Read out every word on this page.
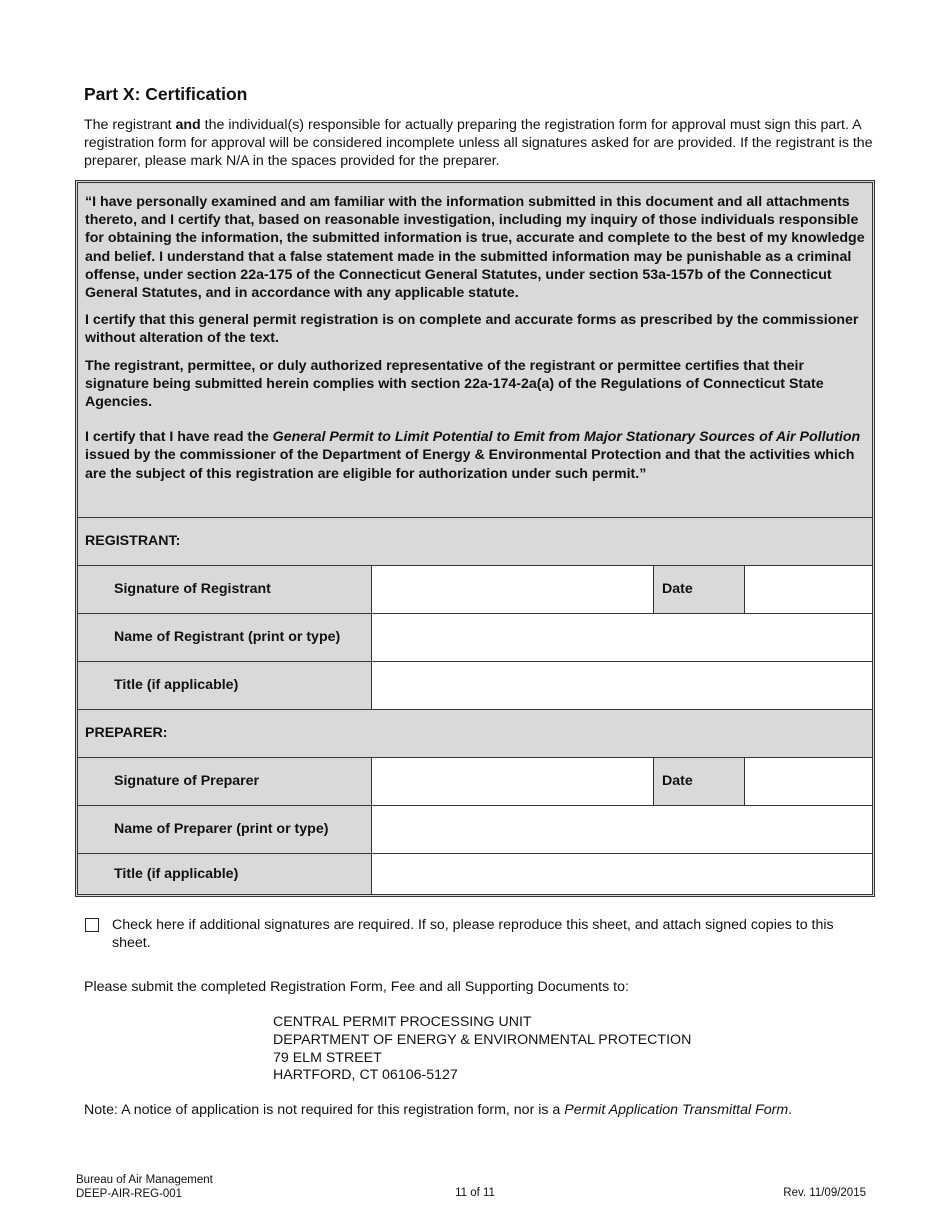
Part X: Certification
The registrant and the individual(s) responsible for actually preparing the registration form for approval must sign this part. A registration form for approval will be considered incomplete unless all signatures asked for are provided. If the registrant is the preparer, please mark N/A in the spaces provided for the preparer.

“I have personally examined and am familiar with the information submitted in this document and all attachments thereto, and I certify that, based on reasonable investigation, including my inquiry of those individuals responsible for obtaining the information, the submitted information is true, accurate and complete to the best of my knowledge and belief. I understand that a false statement made in the submitted information may be punishable as a criminal offense, under section 22a-175 of the Connecticut General Statutes, under section 53a-157b of the Connecticut General Statutes, and in accordance with any applicable statute.

I certify that this general permit registration is on complete and accurate forms as prescribed by the commissioner without alteration of the text.

The registrant, permittee, or duly authorized representative of the registrant or permittee certifies that their signature being submitted herein complies with section 22a-174-2a(a) of the Regulations of Connecticut State Agencies.

I certify that I have read the General Permit to Limit Potential to Emit from Major Stationary Sources of Air Pollution issued by the commissioner of the Department of Energy & Environmental Protection and that the activities which are the subject of this registration are eligible for authorization under such permit.”

REGISTRANT:
Signature of Registrant	Date
Name of Registrant (print or type)
Title (if applicable)
PREPARER:
Signature of Preparer	Date
Name of Preparer (print or type)
Title (if applicable)
Check here if additional signatures are required. If so, please reproduce this sheet, and attach signed copies to this sheet.
Please submit the completed Registration Form, Fee and all Supporting Documents to:
CENTRAL PERMIT PROCESSING UNIT
DEPARTMENT OF ENERGY & ENVIRONMENTAL PROTECTION
79 ELM STREET
HARTFORD, CT 06106-5127
Note: A notice of application is not required for this registration form, nor is a Permit Application Transmittal Form.
Bureau of Air Management
DEEP-AIR-REG-001	11 of 11	Rev. 11/09/2015
